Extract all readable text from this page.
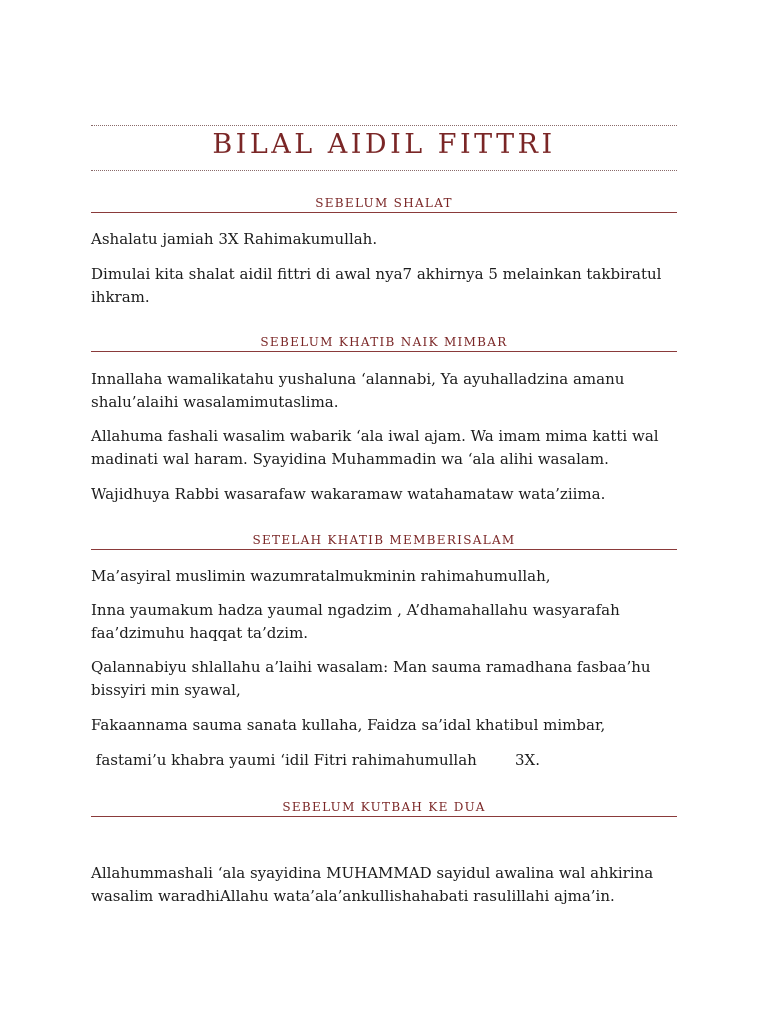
BILAL AIDIL FITTRI
SEBELUM SHALAT
Ashalatu jamiah 3X Rahimakumullah.
Dimulai kita shalat aidil fittri di awal nya7 akhirnya 5 melainkan takbiratul
ihkram.
SEBELUM KHATIB NAIK MIMBAR
Innallaha wamalikatahu yushaluna ‘alannabi, Ya ayuhalladzina amanu
shalu’alaihi wasalamimutaslima.
Allahuma fashali wasalim wabarik ‘ala iwal ajam. Wa imam mima katti wal
madinati wal haram. Syayidina Muhammadin wa ‘ala alihi wasalam.
Wajidhuya Rabbi wasarafaw wakaramaw watahamataw wata’ziima.
SETELAH KHATIB MEMBERISALAM
Ma’asyiral muslimin wazumratalmukminin rahimahumullah,
Inna yaumakum hadza yaumal ngadzim , A’dhamahallahu wasyarafah
faa’dzimuhu haqqat ta’dzim.
Qalannabiyu shlallahu a’laihi wasalam: Man sauma ramadhana fasbaa’hu
bissyiri min syawal,
Fakaannama sauma sanata kullaha, Faidza sa’idal khatibul mimbar,
fastami’u khabra yaumi ‘idil Fitri rahimahumullah        3X.
SEBELUM KUTBAH KE DUA
Allahummashali ‘ala syayidina MUHAMMAD sayidul awalina wal ahkirina
wasalim waradhiAllahu wata’ala’ankullishahabati rasulillahi ajma’in.
